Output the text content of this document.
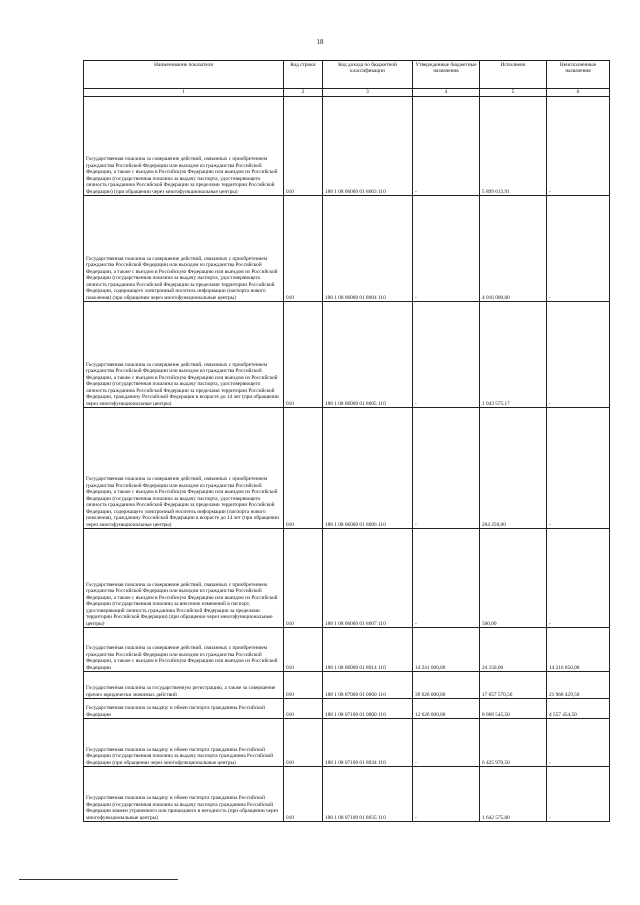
18
Наименование показателя	Код строки	Код дохода по бюджетной классификации	Утвержденные бюджетные назначения	Исполнено	Неисполненные назначения
1	2	3	4	5	6
Государственная пошлина за совершение действий, связанных с приобретением гражданства Российской Федерации или выходом из гражданства Российской Федерации, а также с въездом в Российскую Федерацию или выездом из Российской Федерации (государственная пошлина за выдачу паспорта, удостоверяющего личность гражданина Российской Федерации за пределами территории Российской Федерации) (при обращении через многофункциональные центры)	010	188 1 08 06000 01 8003 110	-	5 899 613,91	-
Государственная пошлина за совершение действий, связанных с приобретением гражданства Российской Федерации или выходом из гражданства Российской Федерации, а также с въездом в Российскую Федерацию или выездом из Российской Федерации (государственная пошлина за выдачу паспорта, удостоверяющего личность гражданина Российской Федерации за пределами территории Российской Федерации, содержащего электронный носитель информации (паспорта нового поколения) (при обращении через многофункциональные центры)	010	188 1 08 06000 01 8004 110	-	4 016 000,00	-
Государственная пошлина за совершение действий, связанных с приобретением гражданства Российской Федерации или выходом из гражданства Российской Федерации, а также с въездом в Российскую Федерацию или выездом из Российской Федерации (государственная пошлина за выдачу паспорта, удостоверяющего личность гражданина Российской Федерации за пределами территории Российской Федерации, гражданину Российской Федерации в возрасте до 14 лет (при обращении через многофункциональные центры)	010	188 1 08 06000 01 8005 110	-	1 043 575,17	-
Государственная пошлина за совершение действий, связанных с приобретением гражданства Российской Федерации или выходом из гражданства Российской Федерации, а также с въездом в Российскую Федерацию или выездом из Российской Федерации (государственная пошлина за выдачу паспорта, удостоверяющего личность гражданина Российской Федерации за пределами территории Российской Федерации, содержащего электронный носитель информации (паспорта нового поколения), гражданину Российской Федерации в возрасте до 14 лет (при обращении через многофункциональные центры)	010	188 1 08 06000 01 8006 110	-	204 250,00	-
Государственная пошлина за совершение действий, связанных с приобретением гражданства Российской Федерации или выходом из гражданства Российской Федерации, а также с въездом в Российскую Федерацию или выездом из Российской Федерации (государственная пошлина за внесение изменений в паспорт, удостоверяющий личность гражданина Российской Федерации за пределами территории Российской Федерации) (при обращении через многофункциональные центры)	010	188 1 08 06000 01 8007 110	-	500,00	-
Государственная пошлина за совершение действий, связанных с приобретением гражданства Российской Федерации или выходом из гражданства Российской Федерации, а также с въездом в Российскую Федерацию или выездом из Российской Федерации	010	188 1 08 06000 01 8014 110	14 241 000,00	24 150,00	14 216 850,00
Государственная пошлина за государственную регистрацию, а также за совершение прочих юридически значимых действий	010	188 1 08 07000 01 0000 110	39 626 000,00	17 657 570,50	21 968 429,50
Государственная пошлина за выдачу и обмен паспорта гражданина Российской Федерации	010	188 1 08 07100 01 0000 110	12 626 000,00	8 068 545,50	4 557 454,50
Государственная пошлина за выдачу и обмен паспорта гражданина Российской Федерации (государственная пошлина за выдачу паспорта гражданина Российской Федерации (при обращении через многофункциональные центры)	010	188 1 08 07100 01 8034 110	-	6 425 970,50	-
Государственная пошлина за выдачу и обмен паспорта гражданина Российской Федерации (государственная пошлина за выдачу паспорта гражданина Российской Федерации взамен утраченного или пришедшего в негодность (при обращении через многофункциональные центры)	010	188 1 08 07100 01 8035 110	-	1 642 575,00	-
